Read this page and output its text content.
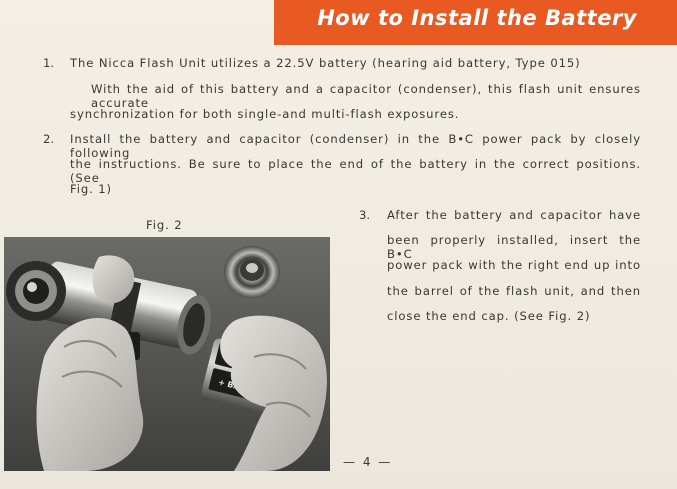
How to Install the Battery
1. The Nicca Flash Unit utilizes a 22.5V battery (hearing aid battery, Type 015)
With the aid of this battery and a capacitor (condenser), this flash unit ensures accurate
synchronization for both single-and multi-flash exposures.
2. Install the battery and capacitor (condenser) in the B•C power pack by closely following
the instructions. Be sure to place the end of the battery in the correct positions. (See
Fig. 1)
3. After the battery and capacitor have
been properly installed, insert the B•C
power pack with the right end up into
the barrel of the flash unit, and then
close the end cap. (See Fig. 2)
Fig. 2
+
— 4 —
